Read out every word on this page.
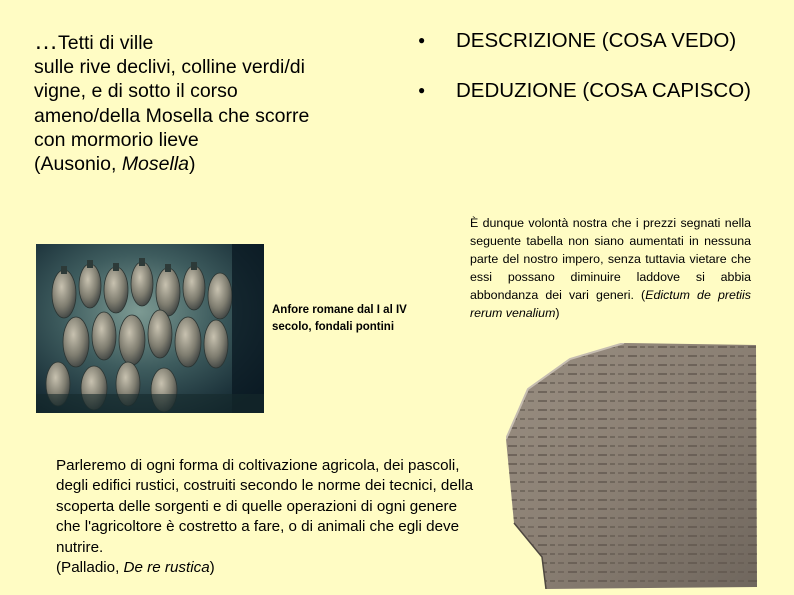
…Tetti di ville
sulle rive declivi, colline verdi/di
vigne, e di sotto il corso
ameno/della Mosella che scorre
con mormorio lieve
(Ausonio, Mosella)
● DESCRIZIONE (COSA VEDO)
● DEDUZIONE (COSA CAPISCO)
Anfore romane dal I al IV secolo, fondali pontini
È dunque volontà nostra che i prezzi segnati nella seguente tabella non siano aumentati in nessuna parte del nostro impero, senza tuttavia vietare che essi possano diminuire laddove si abbia abbondanza dei vari generi. (Edictum de pretiis rerum venalium)
Parleremo di ogni forma di coltivazione agricola, dei pascoli, degli edifici rustici, costruiti secondo le norme dei tecnici, della scoperta delle sorgenti e di quelle operazioni di ogni genere che l'agricoltore è costretto a fare, o di animali che egli deve nutrire.
(Palladio, De re rustica)
